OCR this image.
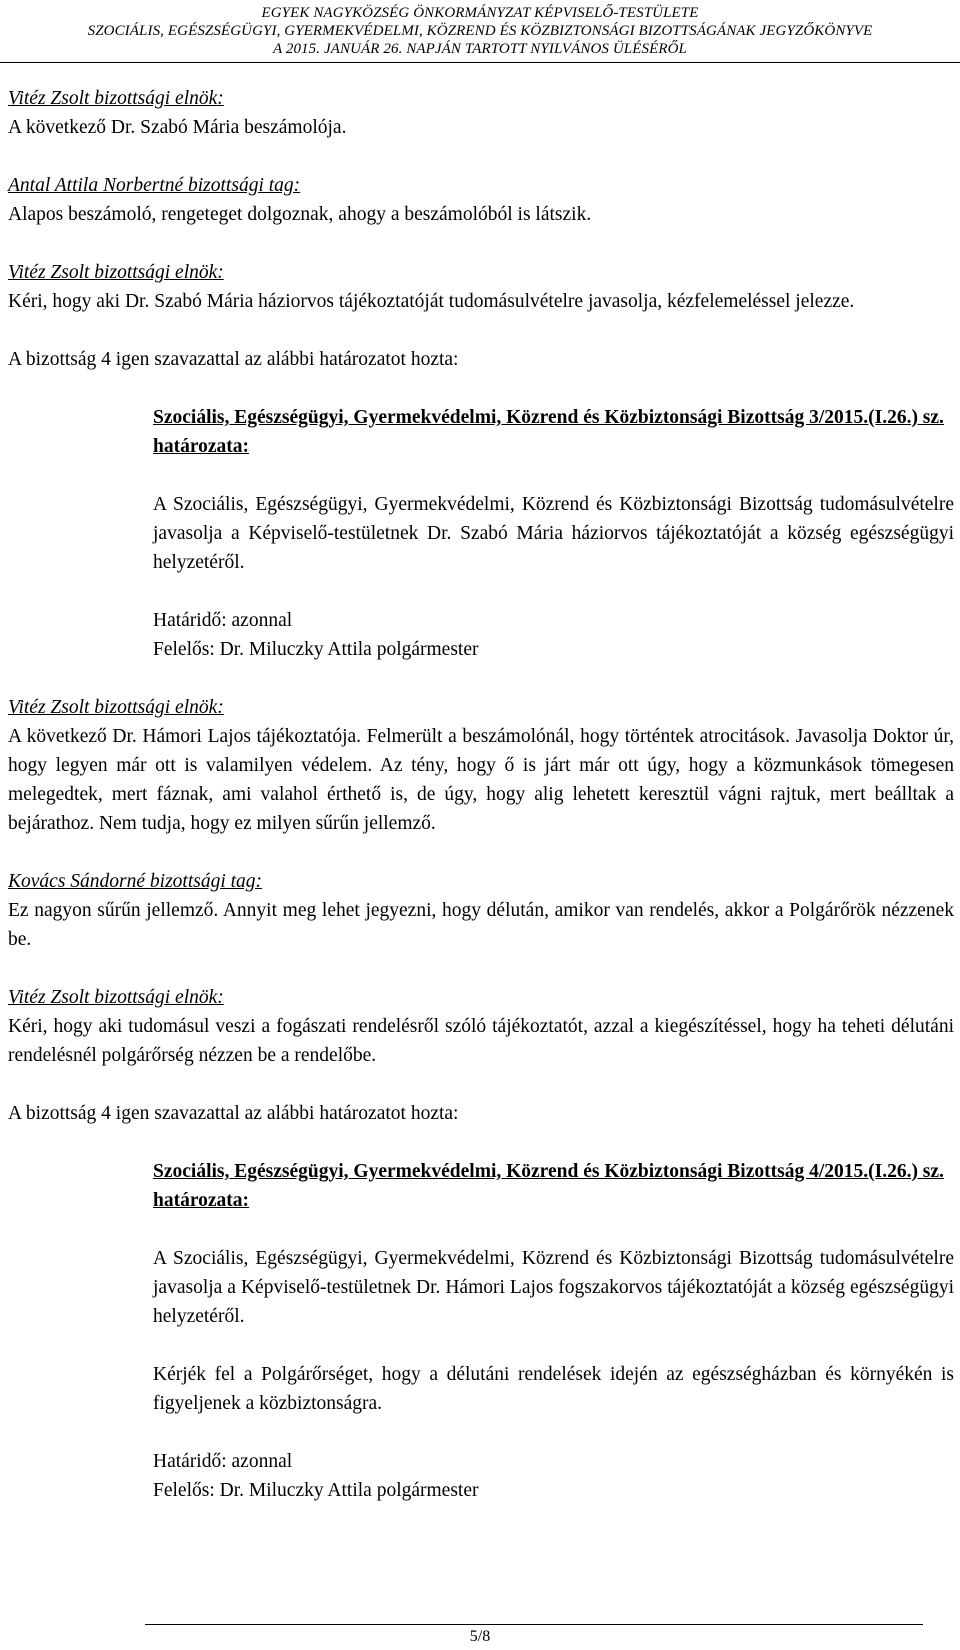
EGYEK NAGYKÖZSÉG ÖNKORMÁNYZAT KÉPVISELŐ-TESTÜLETE
SZOCIÁLIS, EGÉSZSÉGÜGYI, GYERMEKVÉDELMI, KÖZREND ÉS KÖZBIZTONSÁGI BIZOTTSÁGÁNAK JEGYZŐKÖNYVE
A 2015. JANUÁR 26. NAPJÁN TARTOTT NYILVÁNOS ÜLÉSÉRŐL

Vitéz Zsolt bizottsági elnök:

A következő Dr. Szabó Mária beszámolója.

Antal Attila Norbertné bizottsági tag:

Alapos beszámoló, rengeteget dolgoznak, ahogy a beszámolóból is látszik.

Vitéz Zsolt bizottsági elnök:

Kéri, hogy aki Dr. Szabó Mária háziorvos tájékoztatóját tudomásulvételre javasolja, kézfelemeléssel jelezze.

A bizottság 4 igen szavazattal az alábbi határozatot hozta:

Szociális, Egészségügyi, Gyermekvédelmi, Közrend és Közbiztonsági Bizottság 3/2015.(I.26.) sz. határozata:

A Szociális, Egészségügyi, Gyermekvédelmi, Közrend és Közbiztonsági Bizottság tudomásulvételre javasolja a Képviselő-testületnek Dr. Szabó Mária háziorvos tájékoztatóját a község egészségügyi helyzetéről.

Határidő: azonnal

Felelős: Dr. Miluczky Attila polgármester

Vitéz Zsolt bizottsági elnök:

A következő Dr. Hámori Lajos tájékoztatója. Felmerült a beszámolónál, hogy történtek atrocitások. Javasolja Doktor úr, hogy legyen már ott is valamilyen védelem. Az tény, hogy ő is járt már ott úgy, hogy a közmunkások tömegesen melegedtek, mert fáznak, ami valahol érthető is, de úgy, hogy alig lehetett keresztül vágni rajtuk, mert beálltak a bejárathoz. Nem tudja, hogy ez milyen sűrűn jellemző.

Kovács Sándorné bizottsági tag:

Ez nagyon sűrűn jellemző. Annyit meg lehet jegyezni, hogy délután, amikor van rendelés, akkor a Polgárőrök nézzenek be.

Vitéz Zsolt bizottsági elnök:

Kéri, hogy aki tudomásul veszi a fogászati rendelésről szóló tájékoztatót, azzal a kiegészítéssel, hogy ha teheti délutáni rendelésnél polgárőrség nézzen be a rendelőbe.

A bizottság 4 igen szavazattal az alábbi határozatot hozta:

Szociális, Egészségügyi, Gyermekvédelmi, Közrend és Közbiztonsági Bizottság 4/2015.(I.26.) sz. határozata:

A Szociális, Egészségügyi, Gyermekvédelmi, Közrend és Közbiztonsági Bizottság tudomásulvételre javasolja a Képviselő-testületnek Dr. Hámori Lajos fogszakorvos tájékoztatóját a község egészségügyi helyzetéről.

Kérjék fel a Polgárőrséget, hogy a délutáni rendelések idején az egészségházban és környékén is figyeljenek a közbiztonságra.

Határidő: azonnal

Felelős: Dr. Miluczky Attila polgármester

5/8
